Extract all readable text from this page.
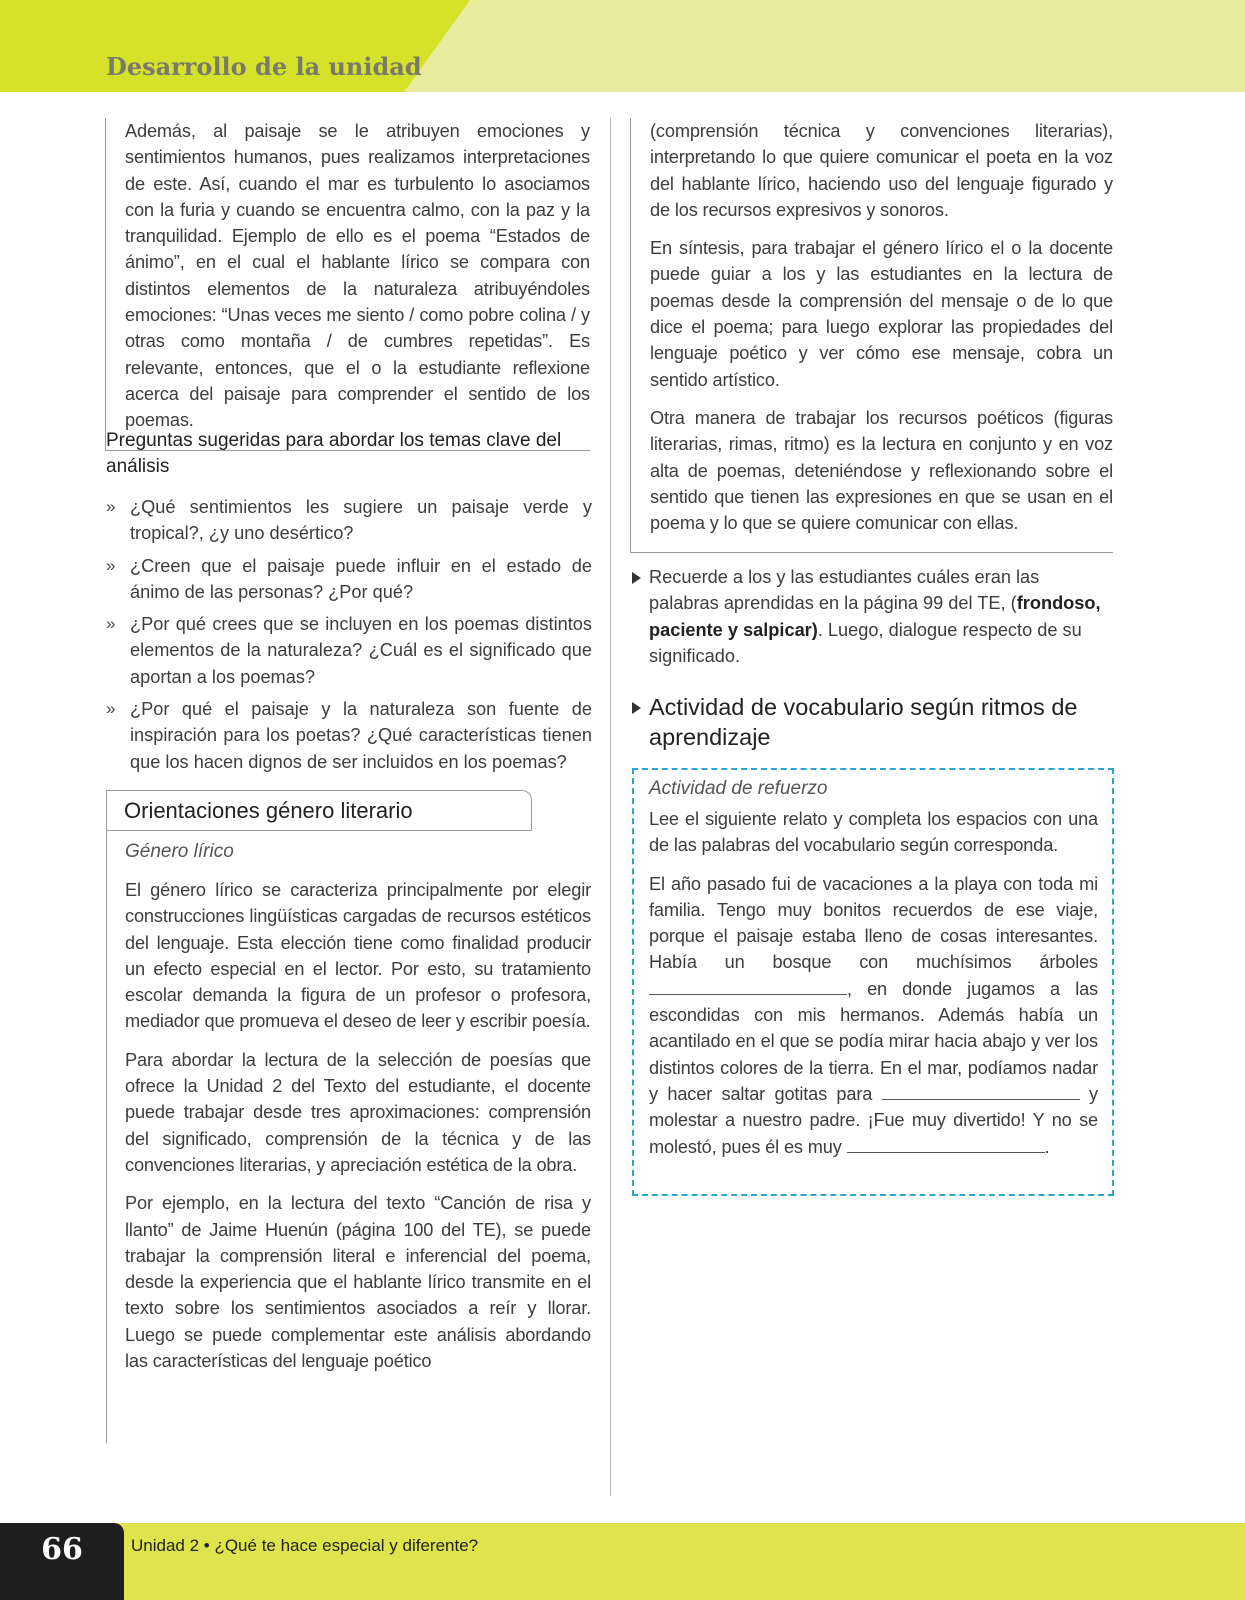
Desarrollo de la unidad

Además, al paisaje se le atribuyen emociones y sentimientos humanos, pues realizamos interpretaciones de este. Así, cuando el mar es turbulento lo asociamos con la furia y cuando se encuentra calmo, con la paz y la tranquilidad. Ejemplo de ello es el poema “Estados de ánimo”, en el cual el hablante lírico se compara con distintos elementos de la naturaleza atribuyéndoles emociones: “Unas veces me siento / como pobre colina / y otras como montaña / de cumbres repetidas”. Es relevante, entonces, que el o la estudiante reflexione acerca del paisaje para comprender el sentido de los poemas.

Preguntas sugeridas para abordar los temas clave del análisis

» ¿Qué sentimientos les sugiere un paisaje verde y tropical?, ¿y uno desértico?
» ¿Creen que el paisaje puede influir en el estado de ánimo de las personas? ¿Por qué?
» ¿Por qué crees que se incluyen en los poemas distintos elementos de la naturaleza? ¿Cuál es el significado que aportan a los poemas?
» ¿Por qué el paisaje y la naturaleza son fuente de inspiración para los poetas? ¿Qué características tienen que los hacen dignos de ser incluidos en los poemas?
Orientaciones género literario

Género lírico

El género lírico se caracteriza principalmente por elegir construcciones lingüísticas cargadas de recursos estéticos del lenguaje. Esta elección tiene como finalidad producir un efecto especial en el lector. Por esto, su tratamiento escolar demanda la figura de un profesor o profesora, mediador que promueva el deseo de leer y escribir poesía.

Para abordar la lectura de la selección de poesías que ofrece la Unidad 2 del Texto del estudiante, el docente puede trabajar desde tres aproximaciones: comprensión del significado, comprensión de la técnica y de las convenciones literarias, y apreciación estética de la obra.

Por ejemplo, en la lectura del texto “Canción de risa y llanto” de Jaime Huenún (página 100 del TE), se puede trabajar la comprensión literal e inferencial del poema, desde la experiencia que el hablante lírico transmite en el texto sobre los sentimientos asociados a reír y llorar. Luego se puede complementar este análisis abordando las características del lenguaje poético

(comprensión técnica y convenciones literarias), interpretando lo que quiere comunicar el poeta en la voz del hablante lírico, haciendo uso del lenguaje figurado y de los recursos expresivos y sonoros.

En síntesis, para trabajar el género lírico el o la docente puede guiar a los y las estudiantes en la lectura de poemas desde la comprensión del mensaje o de lo que dice el poema; para luego explorar las propiedades del lenguaje poético y ver cómo ese mensaje, cobra un sentido artístico.

Otra manera de trabajar los recursos poéticos (figuras literarias, rimas, ritmo) es la lectura en conjunto y en voz alta de poemas, deteniéndose y reflexionando sobre el sentido que tienen las expresiones en que se usan en el poema y lo que se quiere comunicar con ellas.

Recuerde a los y las estudiantes cuáles eran las palabras aprendidas en la página 99 del TE, (frondoso, paciente y salpicar). Luego, dialogue respecto de su significado.
Actividad de vocabulario según ritmos de aprendizaje

Actividad de refuerzo

Lee el siguiente relato y completa los espacios con una de las palabras del vocabulario según corresponda.

El año pasado fui de vacaciones a la playa con toda mi familia. Tengo muy bonitos recuerdos de ese viaje, porque el paisaje estaba lleno de cosas interesantes. Había un bosque con muchísimos árboles , en donde jugamos a las escondidas con mis hermanos. Además había un acantilado en el que se podía mirar hacia abajo y ver los distintos colores de la tierra. En el mar, podíamos nadar y hacer saltar gotitas para	y molestar a nuestro padre. ¡Fue muy divertido! Y no se molestó, pues él es muy	.

66	Unidad 2 • ¿Qué te hace especial y diferente?
